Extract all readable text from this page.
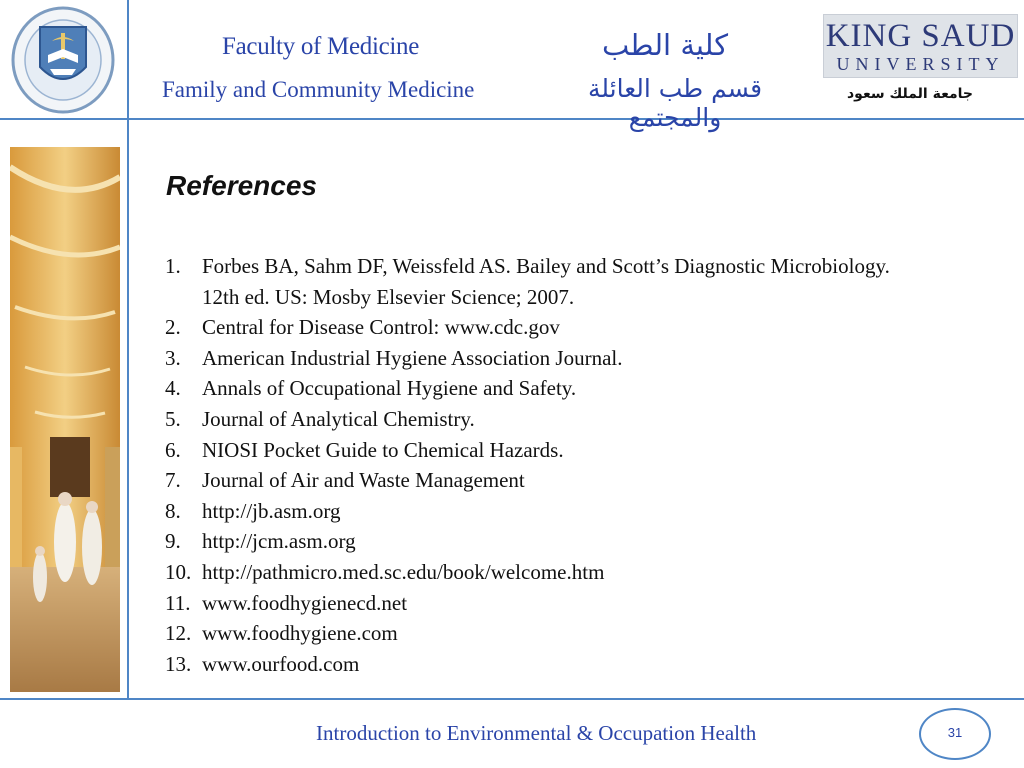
Faculty of Medicine
Family and Community Medicine
كلية الطب
قسم طب العائلة والمجتمع
KING SAUD
UNIVERSITY
جامعة الملك سعود
References
1.	Forbes BA, Sahm DF, Weissfeld AS. Bailey and Scott’s Diagnostic Microbiology. 12th ed. US: Mosby Elsevier Science; 2007.
2.	Central for Disease Control: www.cdc.gov
3.	American Industrial Hygiene Association Journal.
4.	Annals of Occupational Hygiene and Safety.
5.	Journal of Analytical Chemistry.
6.	NIOSI Pocket Guide to Chemical Hazards.
7.	Journal of Air and Waste Management
8.	http://jb.asm.org
9.	http://jcm.asm.org
10. http://pathmicro.med.sc.edu/book/welcome.htm
11. www.foodhygienecd.net
12. www.foodhygiene.com
13. www.ourfood.com
Introduction to Environmental & Occupation Health	31
